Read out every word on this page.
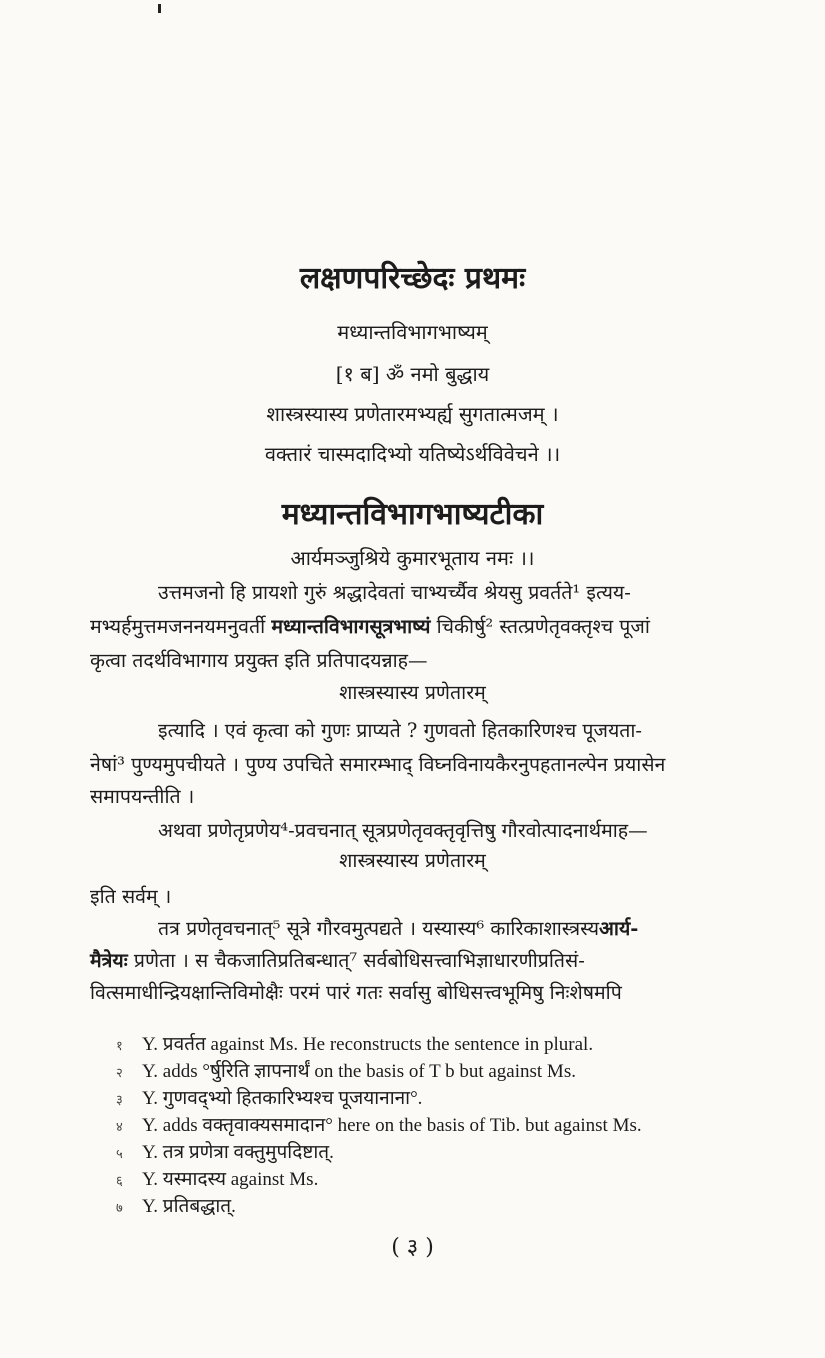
लक्षणपरिच्छेदः प्रथमः
मध्यान्तविभागभाष्यम्
[१ ब] ॐ नमो बुद्धाय
शास्त्रस्यास्य प्रणेतारमभ्यर्ह्य सुगतात्मजम् ।
वक्तारं चास्मदादिभ्यो यतिष्येऽर्थविवेचने ।।
मध्यान्तविभागभाष्यटीका
आर्यमञ्जुश्रिये कुमारभूताय नमः ।।
उत्तमजनो हि प्रायशो गुरुं श्रद्धादेवतां चाभ्यर्च्यैव श्रेयसु प्रवर्तते¹ इत्यय-
मभ्यर्हमुत्तमजननयमनुवर्ती मध्यान्तविभागसूत्रभाष्यं चिकीर्षु² स्तत्प्रणेतृवक्तृश्च पूजां
कृत्वा तदर्थविभागाय प्रयुक्त इति प्रतिपादयन्नाह—
शास्त्रस्यास्य प्रणेतारम्
इत्यादि । एवं कृत्वा को गुणः प्राप्यते ? गुणवतो हितकारिणश्च पूजयता-
नेषां³ पुण्यमुपचीयते । पुण्य उपचिते समारम्भाद् विघ्नविनायकैरनुपहतानल्पेन प्रयासेन
समापयन्तीति ।
अथवा प्रणेतृप्रणेय⁴-प्रवचनात् सूत्रप्रणेतृवक्तृवृत्तिषु गौरवोत्पादनार्थमाह—
शास्त्रस्यास्य प्रणेतारम्
इति सर्वम् ।
तत्र प्रणेतृवचनात्⁵ सूत्रे गौरवमुत्पद्यते । यस्यास्य⁶ कारिकाशास्त्रस्यआर्य-
मैत्रेयः प्रणेता । स चैकजातिप्रतिबन्धात्⁷ सर्वबोधिसत्त्वाभिज्ञाधारणीप्रतिसं-
वित्समाधीन्द्रियक्षान्तिविमोक्षैः परमं पारं गतः सर्वासु बोधिसत्त्वभूमिषु निःशेषमपि
१ Y. प्रवर्तत against Ms. He reconstructs the sentence in plural.
२ Y. adds °र्षुरिति ज्ञापनार्थं on the basis of T b but against Ms.
३ Y. गुणवद्भ्यो हितकारिभ्यश्च पूजयानाना°.
४ Y. adds वक्तृवाक्यसमादान° here on the basis of Tib. but against Ms.
५ Y. तत्र प्रणेत्रा वक्तुमुपदिष्टात्.
६ Y. यस्मादस्य against Ms.
७ Y. प्रतिबद्धात्.
( ३ )
